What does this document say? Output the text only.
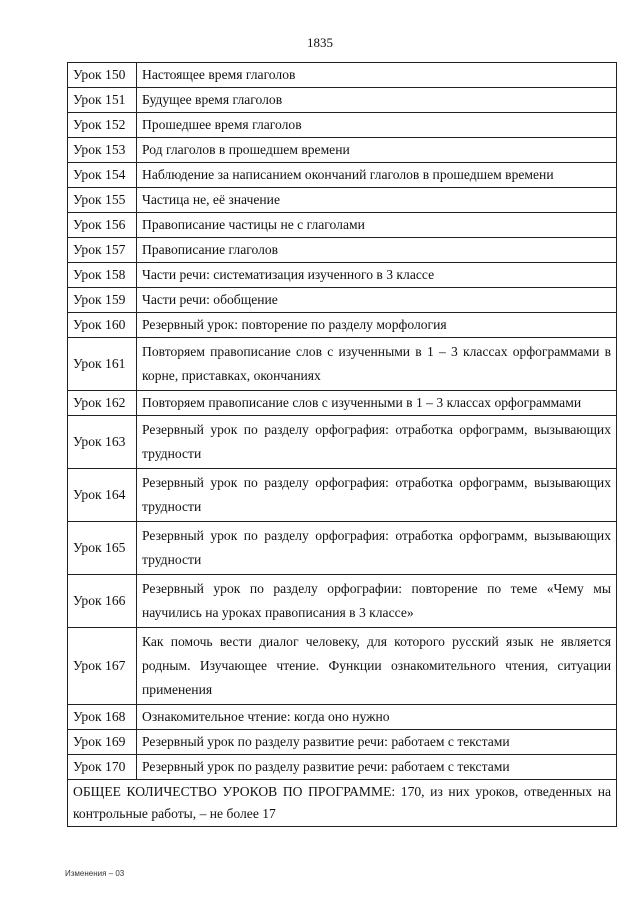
1835
Урок 150	Настоящее время глаголов
Урок 151	Будущее время глаголов
Урок 152	Прошедшее время глаголов
Урок 153	Род глаголов в прошедшем времени
Урок 154	Наблюдение за написанием окончаний глаголов в прошедшем времени
Урок 155	Частица не, её значение
Урок 156	Правописание частицы не с глаголами
Урок 157	Правописание глаголов
Урок 158	Части речи: систематизация изученного в 3 классе
Урок 159	Части речи: обобщение
Урок 160	Резервный урок: повторение по разделу морфология
Урок 161	Повторяем правописание слов с изученными в 1 – 3 классах орфограммами в корне, приставках, окончаниях
Урок 162	Повторяем правописание слов с изученными в 1 – 3 классах орфограммами
Урок 163	Резервный урок по разделу орфография: отработка орфограмм, вызывающих трудности
Урок 164	Резервный урок по разделу орфография: отработка орфограмм, вызывающих трудности
Урок 165	Резервный урок по разделу орфография: отработка орфограмм, вызывающих трудности
Урок 166	Резервный урок по разделу орфографии: повторение по теме «Чему мы научились на уроках правописания в 3 классе»
Урок 167	Как помочь вести диалог человеку, для которого русский язык не является родным. Изучающее чтение. Функции ознакомительного чтения, ситуации применения
Урок 168	Ознакомительное чтение: когда оно нужно
Урок 169	Резервный урок по разделу развитие речи: работаем с текстами
Урок 170	Резервный урок по разделу развитие речи: работаем с текстами
ОБЩЕЕ КОЛИЧЕСТВО УРОКОВ ПО ПРОГРАММЕ: 170, из них уроков, отведенных на контрольные работы, – не более 17	
Изменения – 03
